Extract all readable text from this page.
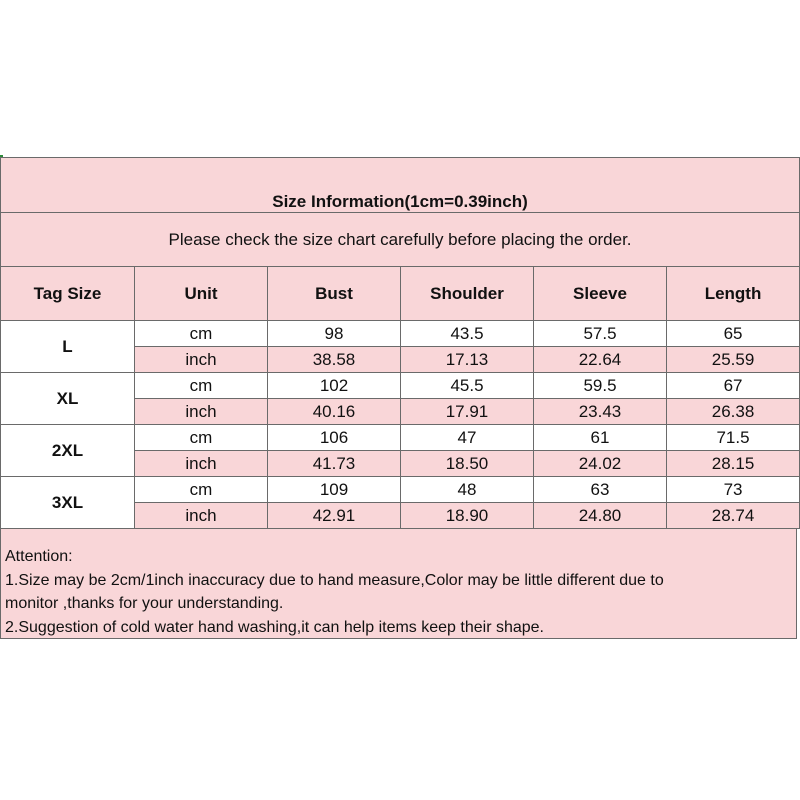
Size Information(1cm=0.39inch)					
Please check the size chart carefully before placing the order.					
Tag Size	Unit	Bust	Shoulder	Sleeve	Length
L	cm	98	43.5	57.5	65
	inch	38.58	17.13	22.64	25.59
XL	cm	102	45.5	59.5	67
	inch	40.16	17.91	23.43	26.38
2XL	cm	106	47	61	71.5
	inch	41.73	18.50	24.02	28.15
3XL	cm	109	48	63	73
	inch	42.91	18.90	24.80	28.74
Attention:
1.Size may be 2cm/1inch inaccuracy due to hand measure,Color may be little different due to
monitor ,thanks for your understanding.
2.Suggestion of cold water hand washing,it can help items keep their shape.
